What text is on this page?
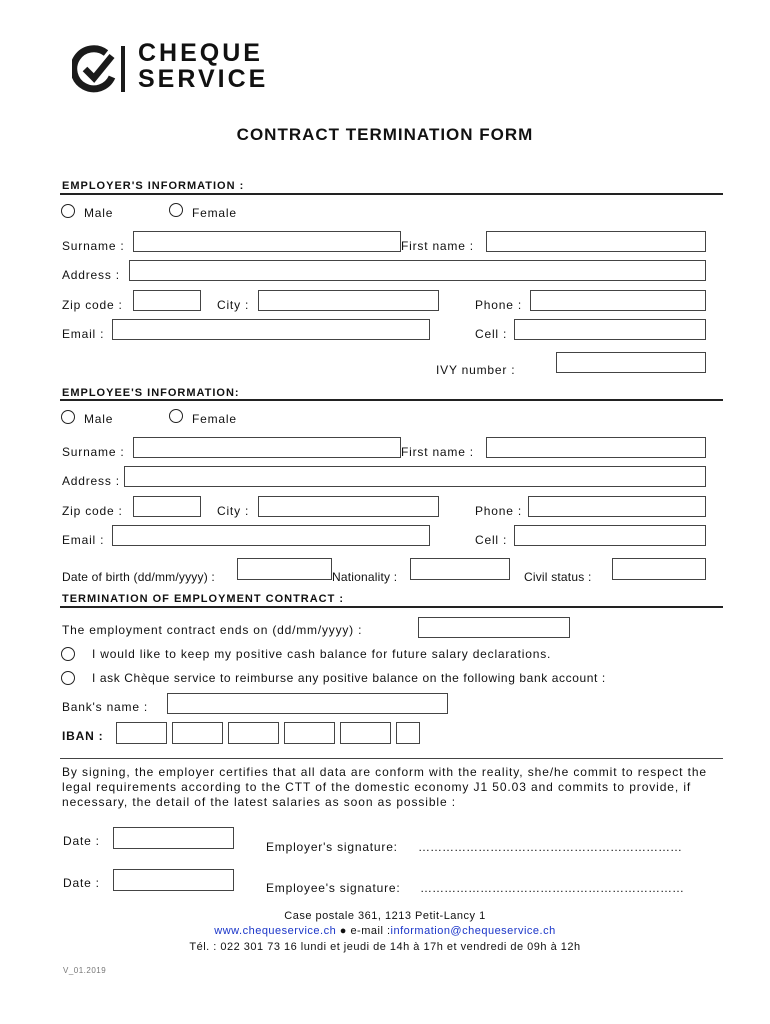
CHEQUE
SERVICE
CONTRACT TERMINATION FORM
EMPLOYER'S INFORMATION :
Male	Female
Surname :	First name :
Address :
Zip code :	City :	Phone :
Email :	Cell :
IVY number :
EMPLOYEE'S INFORMATION:
Male	Female
Surname :	First name :
Address :
Zip code :	City :	Phone :
Email :	Cell :
Date of birth (dd/mm/yyyy) :	Nationality :	Civil status :
TERMINATION OF EMPLOYMENT CONTRACT :
The employment contract ends on (dd/mm/yyyy) :
I would like to keep my positive cash balance for future salary declarations.
I ask Chèque service to reimburse any positive balance on the following bank account :
Bank's name :
IBAN :
By signing, the employer certifies that all data are conform with the reality, she/he commit to respect the legal requirements according to the CTT of the domestic economy J1 50.03 and commits to provide, if necessary, the detail of the latest salaries as soon as possible :
Date :	Employer's signature: …………………………………………………………
Date :	Employee's signature: …………………………………………………………
Case postale 361, 1213 Petit-Lancy 1
www.chequeservice.ch ● e-mail :information@chequeservice.ch
Tél. : 022 301 73 16 lundi et jeudi de 14h à 17h et vendredi de 09h à 12h
V_01.2019
